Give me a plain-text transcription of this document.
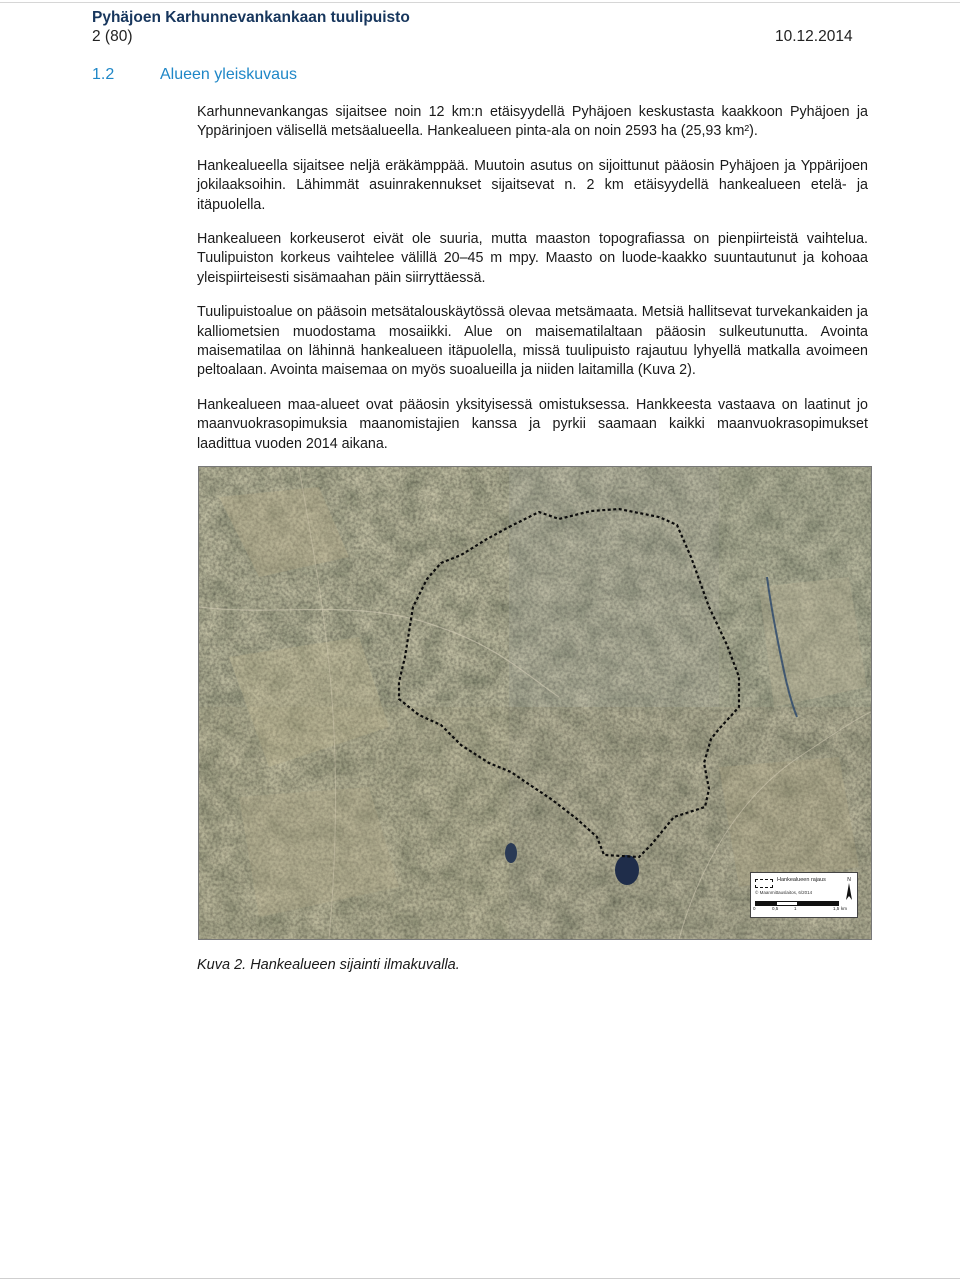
Pyhäjoen Karhunnevankankaan tuulipuisto
2 (80)	10.12.2014
1.2	Alueen yleiskuvaus

Karhunnevankangas sijaitsee noin 12 km:n etäisyydellä Pyhäjoen keskustasta kaakkoon Pyhäjoen ja Yppärinjoen välisellä metsäalueella. Hankealueen pinta-ala on noin 2593 ha (25,93 km²).

Hankealueella sijaitsee neljä eräkämppää. Muutoin asutus on sijoittunut pääosin Pyhäjoen ja Yppärijoen jokilaaksoihin. Lähimmät asuinrakennukset sijaitsevat n. 2 km etäisyydellä hankealueen etelä- ja itäpuolella.

Hankealueen korkeuserot eivät ole suuria, mutta maaston topografiassa on pienpiirteistä vaihtelua. Tuulipuiston korkeus vaihtelee välillä 20–45 m mpy. Maasto on luode-kaakko suuntautunut ja kohoaa yleispiirteisesti sisämaahan päin siirryttäessä.

Tuulipuistoalue on pääsoin metsätalouskäytössä olevaa metsämaata. Metsiä hallitsevat turvekankaiden ja kalliometsien muodostama mosaiikki. Alue on maisematilaltaan pääosin sulkeutunutta. Avointa maisematilaa on lähinnä hankealueen itäpuolella, missä tuulipuisto rajautuu lyhyellä matkalla avoimeen peltoalaan. Avointa maisemaa on myös suoalueilla ja niiden laitamilla (Kuva 2).

Hankealueen maa-alueet ovat pääosin yksityisessä omistuksessa. Hankkeesta vastaava on laatinut jo maanvuokrasopimuksia maanomistajien kanssa ja pyrkii saamaan kaikki maanvuokrasopimukset laadittua vuoden 2014 aikana.

Hankealueen rajaus
© Maanmittauslaitos, 6/2014
0	0,5	1	1,5 km
N
Kuva 2. Hankealueen sijainti ilmakuvalla.
